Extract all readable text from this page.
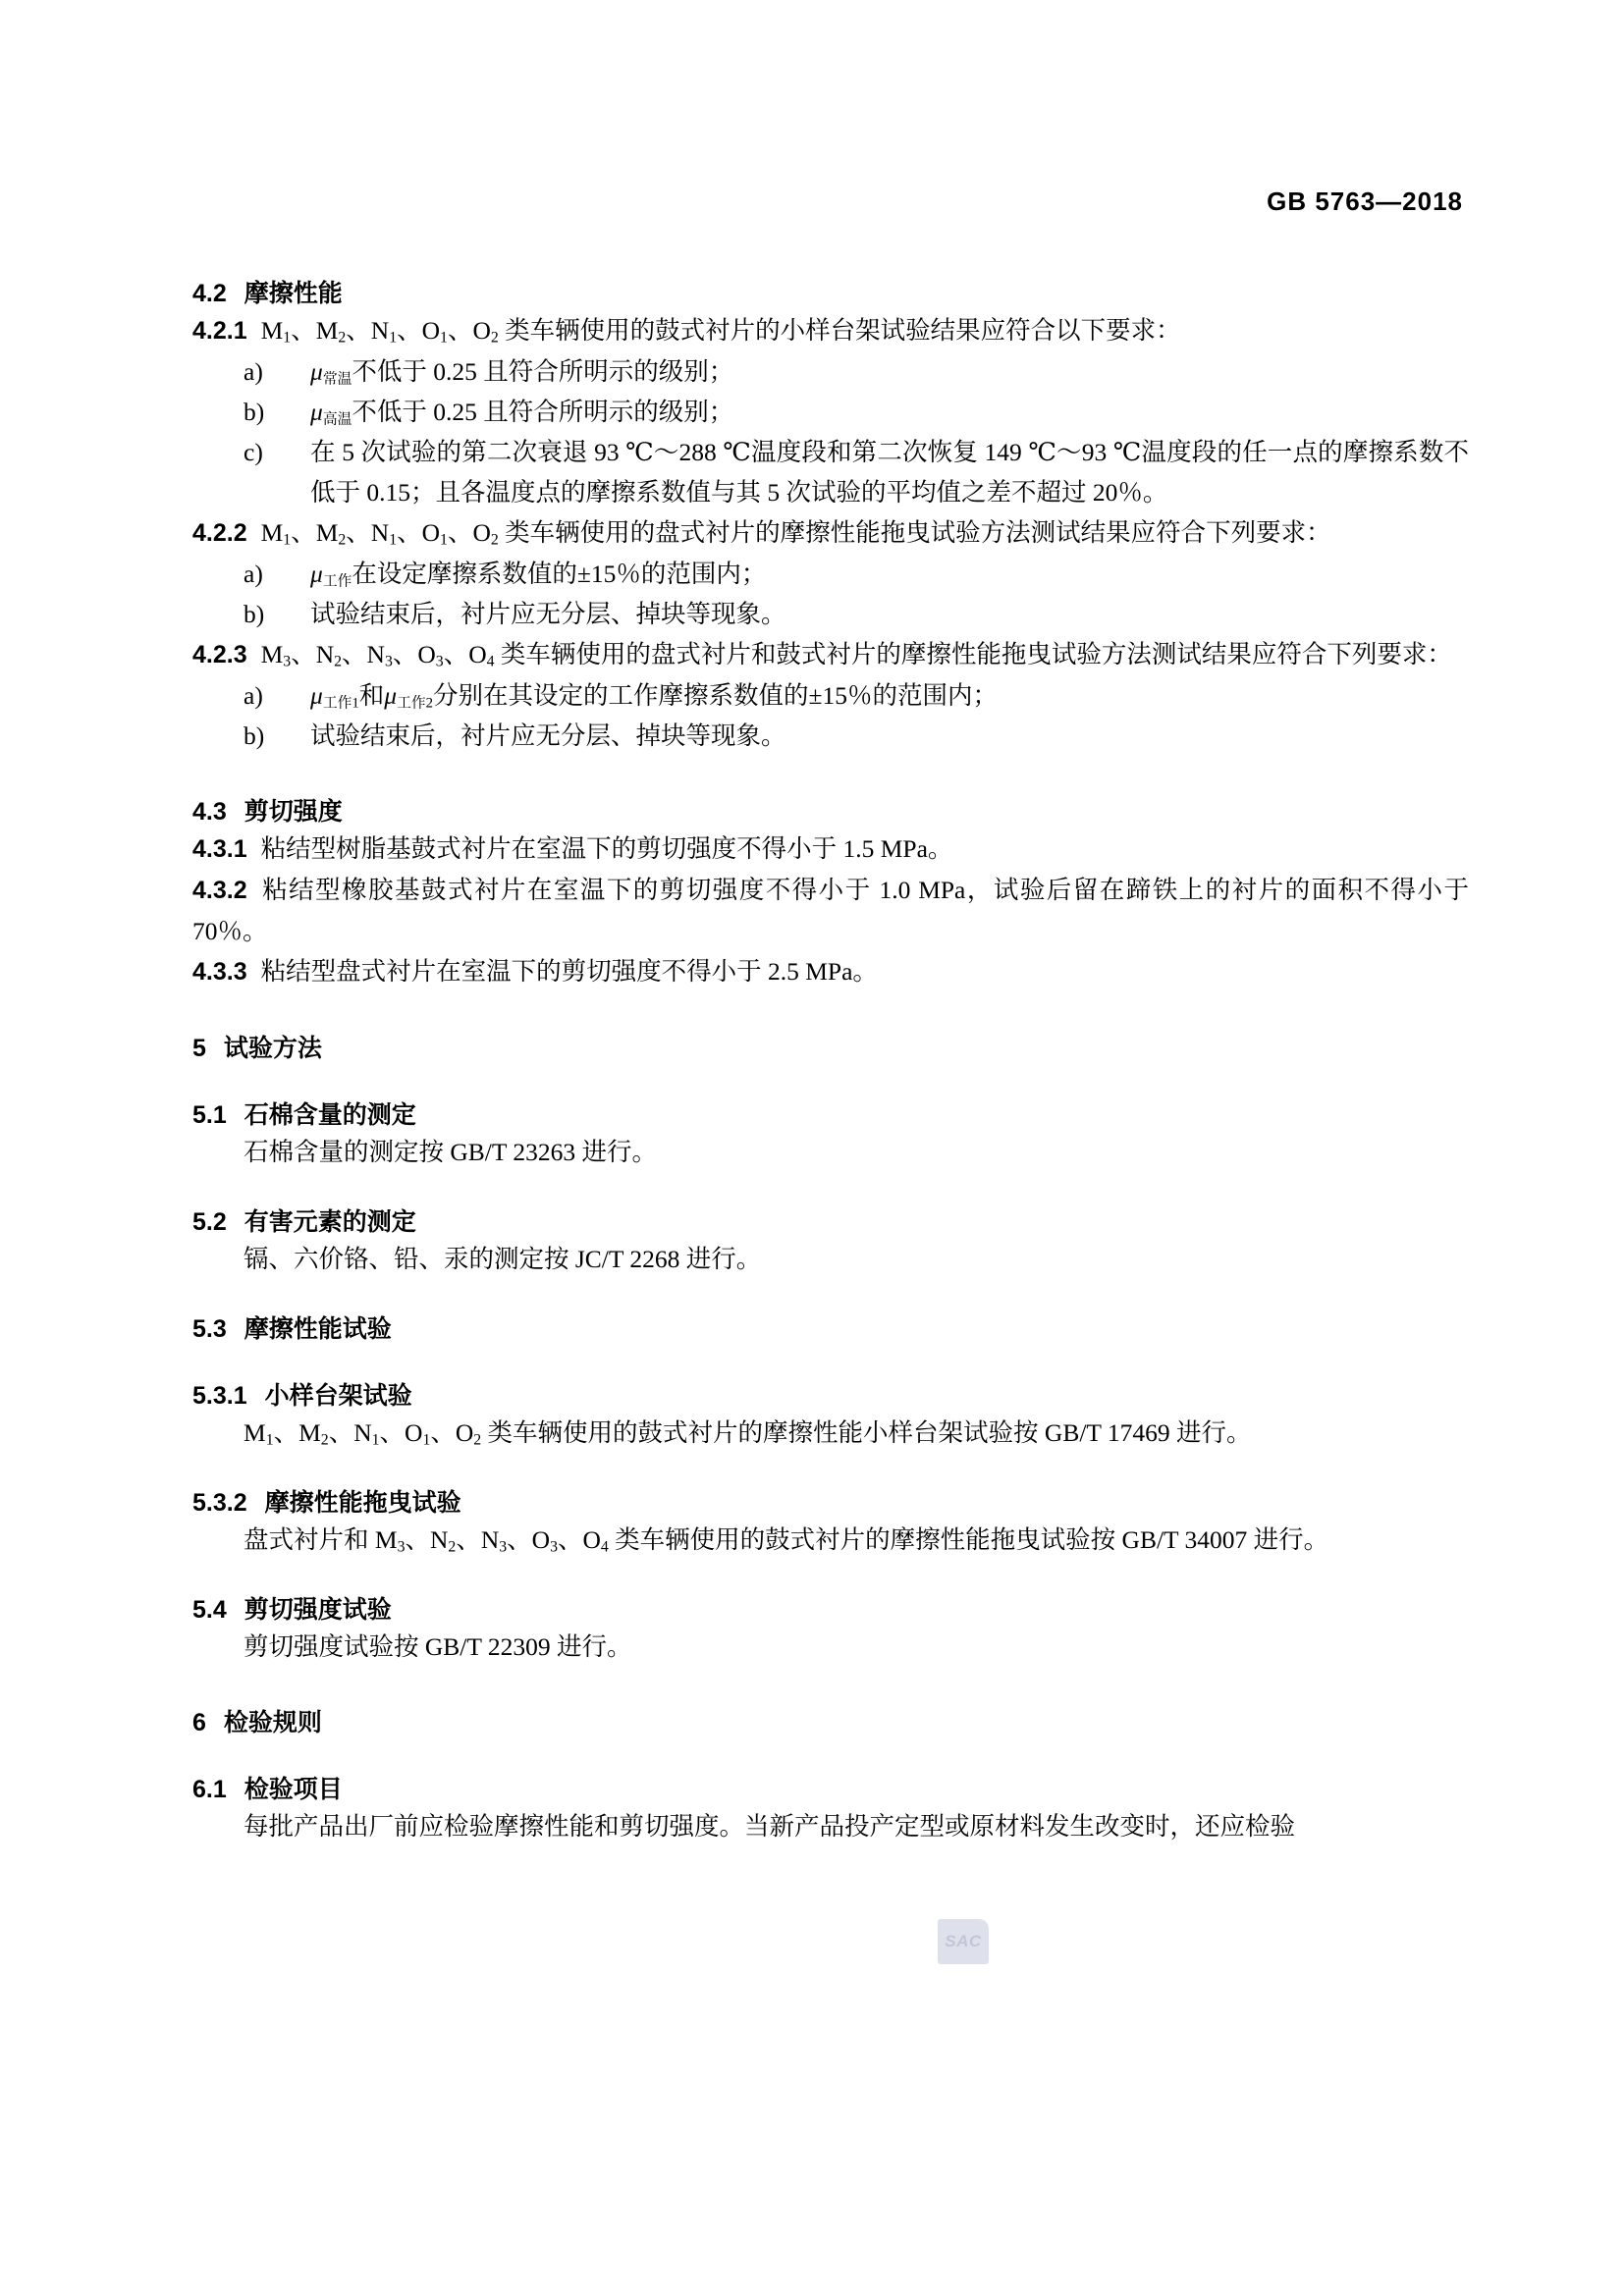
GB 5763—2018

4.2 摩擦性能

4.2.1 $M_1$、$M_2$、$N_1$、$O_1$、$O_2$ 类车辆使用的鼓式衬片的小样台架试验结果应符合以下要求：

a)	μ常温不低于 0.25 且符合所明示的级别；
b)	μ高温不低于 0.25 且符合所明示的级别；
c)	在 5 次试验的第二次衰退 93 ℃～288 ℃温度段和第二次恢复 149 ℃～93 ℃温度段的任一点的摩擦系数不低于 0.15；且各温度点的摩擦系数值与其 5 次试验的平均值之差不超过 20％。

4.2.2 $M_1$、$M_2$、$N_1$、$O_1$、$O_2$ 类车辆使用的盘式衬片的摩擦性能拖曳试验方法测试结果应符合下列要求：

a)	μ工作在设定摩擦系数值的±15％的范围内；
b)	试验结束后，衬片应无分层、掉块等现象。

4.2.3 $M_3$、$N_2$、$N_3$、$O_3$、$O_4$ 类车辆使用的盘式衬片和鼓式衬片的摩擦性能拖曳试验方法测试结果应符合下列要求：

a)	μ工作1和μ工作2分别在其设定的工作摩擦系数值的±15％的范围内；
b)	试验结束后，衬片应无分层、掉块等现象。

4.3 剪切强度

4.3.1 粘结型树脂基鼓式衬片在室温下的剪切强度不得小于 1.5 MPa。

4.3.2 粘结型橡胶基鼓式衬片在室温下的剪切强度不得小于 1.0 MPa，试验后留在蹄铁上的衬片的面积不得小于 70％。

4.3.3 粘结型盘式衬片在室温下的剪切强度不得小于 2.5 MPa。

5 试验方法

5.1 石棉含量的测定

石棉含量的测定按 GB/T 23263 进行。

5.2 有害元素的测定

镉、六价铬、铅、汞的测定按 JC/T 2268 进行。

5.3 摩擦性能试验

5.3.1 小样台架试验

$M_1$、$M_2$、$N_1$、$O_1$、$O_2$ 类车辆使用的鼓式衬片的摩擦性能小样台架试验按 GB/T 17469 进行。

5.3.2 摩擦性能拖曳试验

盘式衬片和 $M_3$、$N_2$、$N_3$、$O_3$、$O_4$ 类车辆使用的鼓式衬片的摩擦性能拖曳试验按 GB/T 34007 进行。

5.4 剪切强度试验

剪切强度试验按 GB/T 22309 进行。

6 检验规则

6.1 检验项目

每批产品出厂前应检验摩擦性能和剪切强度。当新产品投产定型或原材料发生改变时，还应检验

SAC
